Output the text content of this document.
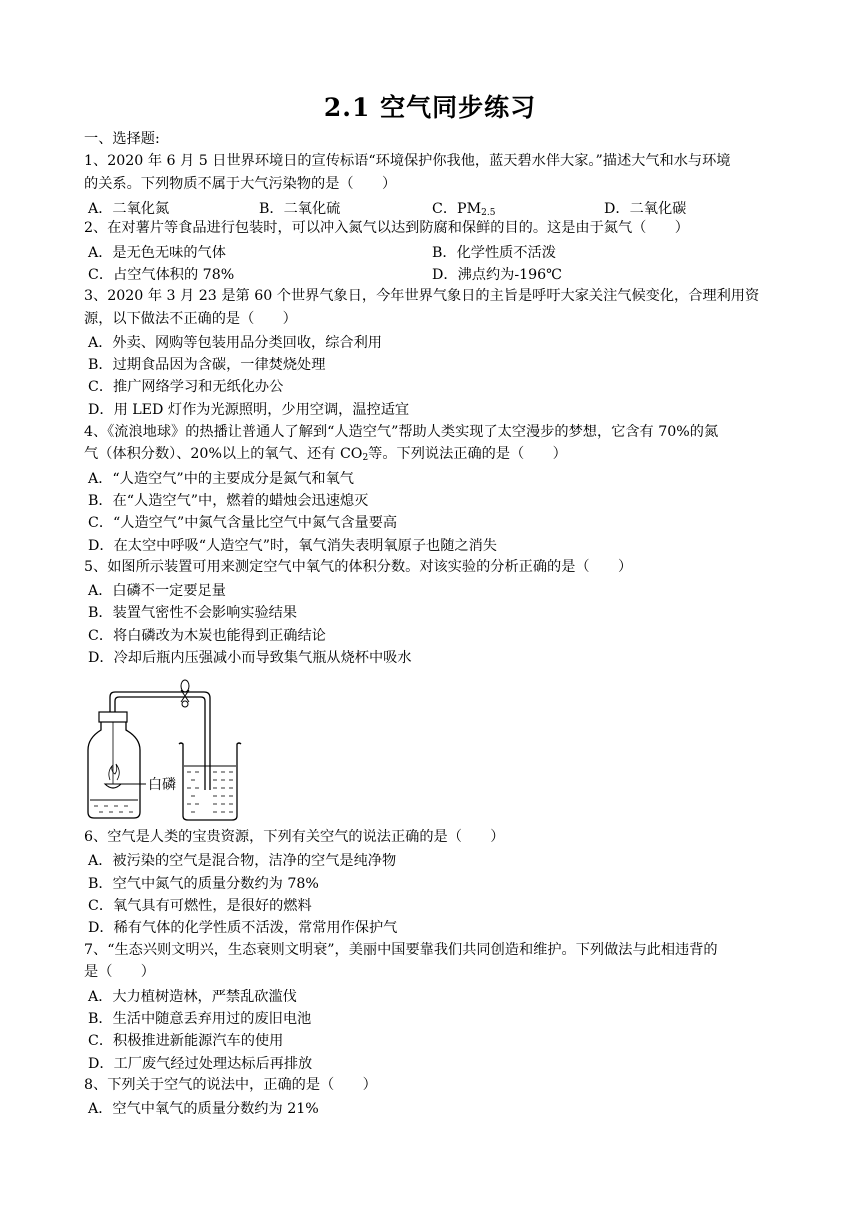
2.1 空气同步练习
一、选择题:
1、2020 年 6 月 5 日世界环境日的宣传标语“环境保护你我他，蓝天碧水伴大家。”描述大气和水与环境
的关系。下列物质不属于大气污染物的是（　　）
A．二氧化氮	B．二氧化硫	C．$PM_{2.5}$	D．二氧化碳
2、在对薯片等食品进行包装时，可以冲入氮气以达到防腐和保鲜的目的。这是由于氮气（　　）
A．是无色无味的气体	B．化学性质不活泼
C．占空气体积的 78%	D．沸点约为-196℃
3、2020 年 3 月 23 是第 60 个世界气象日，今年世界气象日的主旨是呼吁大家关注气候变化，合理利用资
源，以下做法不正确的是（　　）
A．外卖、网购等包装用品分类回收，综合利用
B．过期食品因为含碳，一律焚烧处理
C．推广网络学习和无纸化办公
D．用 LED 灯作为光源照明，少用空调，温控适宜
4、《流浪地球》的热播让普通人了解到“人造空气”帮助人类实现了太空漫步的梦想，它含有 70%的氮
气（体积分数）、20%以上的氧气、还有 $CO_2$等。下列说法正确的是（　　）
A．“人造空气”中的主要成分是氮气和氧气
B．在“人造空气”中，燃着的蜡烛会迅速熄灭
C．“人造空气”中氮气含量比空气中氮气含量要高
D．在太空中呼吸“人造空气”时，氧气消失表明氧原子也随之消失
5、如图所示装置可用来测定空气中氧气的体积分数。对该实验的分析正确的是（　　）
A．白磷不一定要足量
B．装置气密性不会影响实验结果
C．将白磷改为木炭也能得到正确结论
D．冷却后瓶内压强减小而导致集气瓶从烧杯中吸水
白磷
6、空气是人类的宝贵资源，下列有关空气的说法正确的是（　　）
A．被污染的空气是混合物，洁净的空气是纯净物
B．空气中氮气的质量分数约为 78%
C．氧气具有可燃性，是很好的燃料
D．稀有气体的化学性质不活泼，常常用作保护气
7、“生态兴则文明兴，生态衰则文明衰”，美丽中国要靠我们共同创造和维护。下列做法与此相违背的
是（　　）
A．大力植树造林，严禁乱砍滥伐
B．生活中随意丢弃用过的废旧电池
C．积极推进新能源汽车的使用
D．工厂废气经过处理达标后再排放
8、下列关于空气的说法中，正确的是（　　）
A．空气中氧气的质量分数约为 21%
